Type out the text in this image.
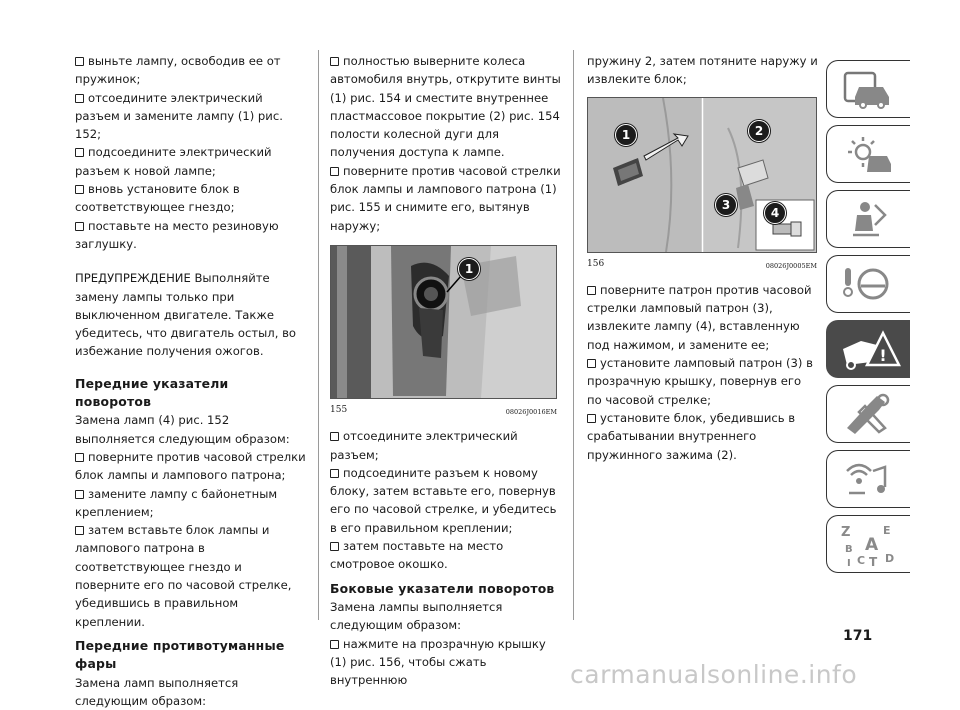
выньте лампу, освободив ее от пружинок;

отсоедините электрический разъем и замените лампу (1) рис. 152;

подсоедините электрический разъем к новой лампе;

вновь установите блок в соответствующее гнездо;

поставьте на место резиновую заглушку.

ПРЕДУПРЕЖДЕНИЕ Выполняйте замену лампы только при выключенном двигателе. Также убедитесь, что двигатель остыл, во избежание получения ожогов.

Передние указатели поворотов

Замена ламп (4) рис. 152 выполняется следующим образом:

поверните против часовой стрелки блок лампы и лампового патрона;

замените лампу с байонетным креплением;

затем вставьте блок лампы и лампового патрона в соответствующее гнездо и поверните его по часовой стрелке, убедившись в правильном креплении.

Передние противотуманные фары

Замена ламп выполняется следующим образом:

полностью выверните колеса автомобиля внутрь, открутите винты (1) рис. 154 и сместите внутреннее пластмассовое покрытие (2) рис. 154 полости колесной дуги для получения доступа к лампе.

поверните против часовой стрелки блок лампы и лампового патрона (1) рис. 155 и снимите его, вытянув наружу;

1
155	08026J0016EM

отсоедините электрический разъем;

подсоедините разъем к новому блоку, затем вставьте его, повернув его по часовой стрелке, и убедитесь в его правильном креплении;

затем поставьте на место смотровое окошко.

Боковые указатели поворотов

Замена лампы выполняется следующим образом:

нажмите на прозрачную крышку (1) рис. 156, чтобы сжать внутреннюю

пружину 2, затем потяните наружу и извлеките блок;

1	2
3
4
156	08026J0005EM

поверните патрон против часовой стрелки ламповый патрон (3), извлеките лампу (4), вставленную под нажимом, и замените ее;

установите ламповый патрон (3) в прозрачную крышку, повернув его по часовой стрелке;

установите блок, убедившись в срабатывании внутреннего пружинного зажима (2).

!
Z	E
A
B
C T D
I
171
carmanualsonline.info
